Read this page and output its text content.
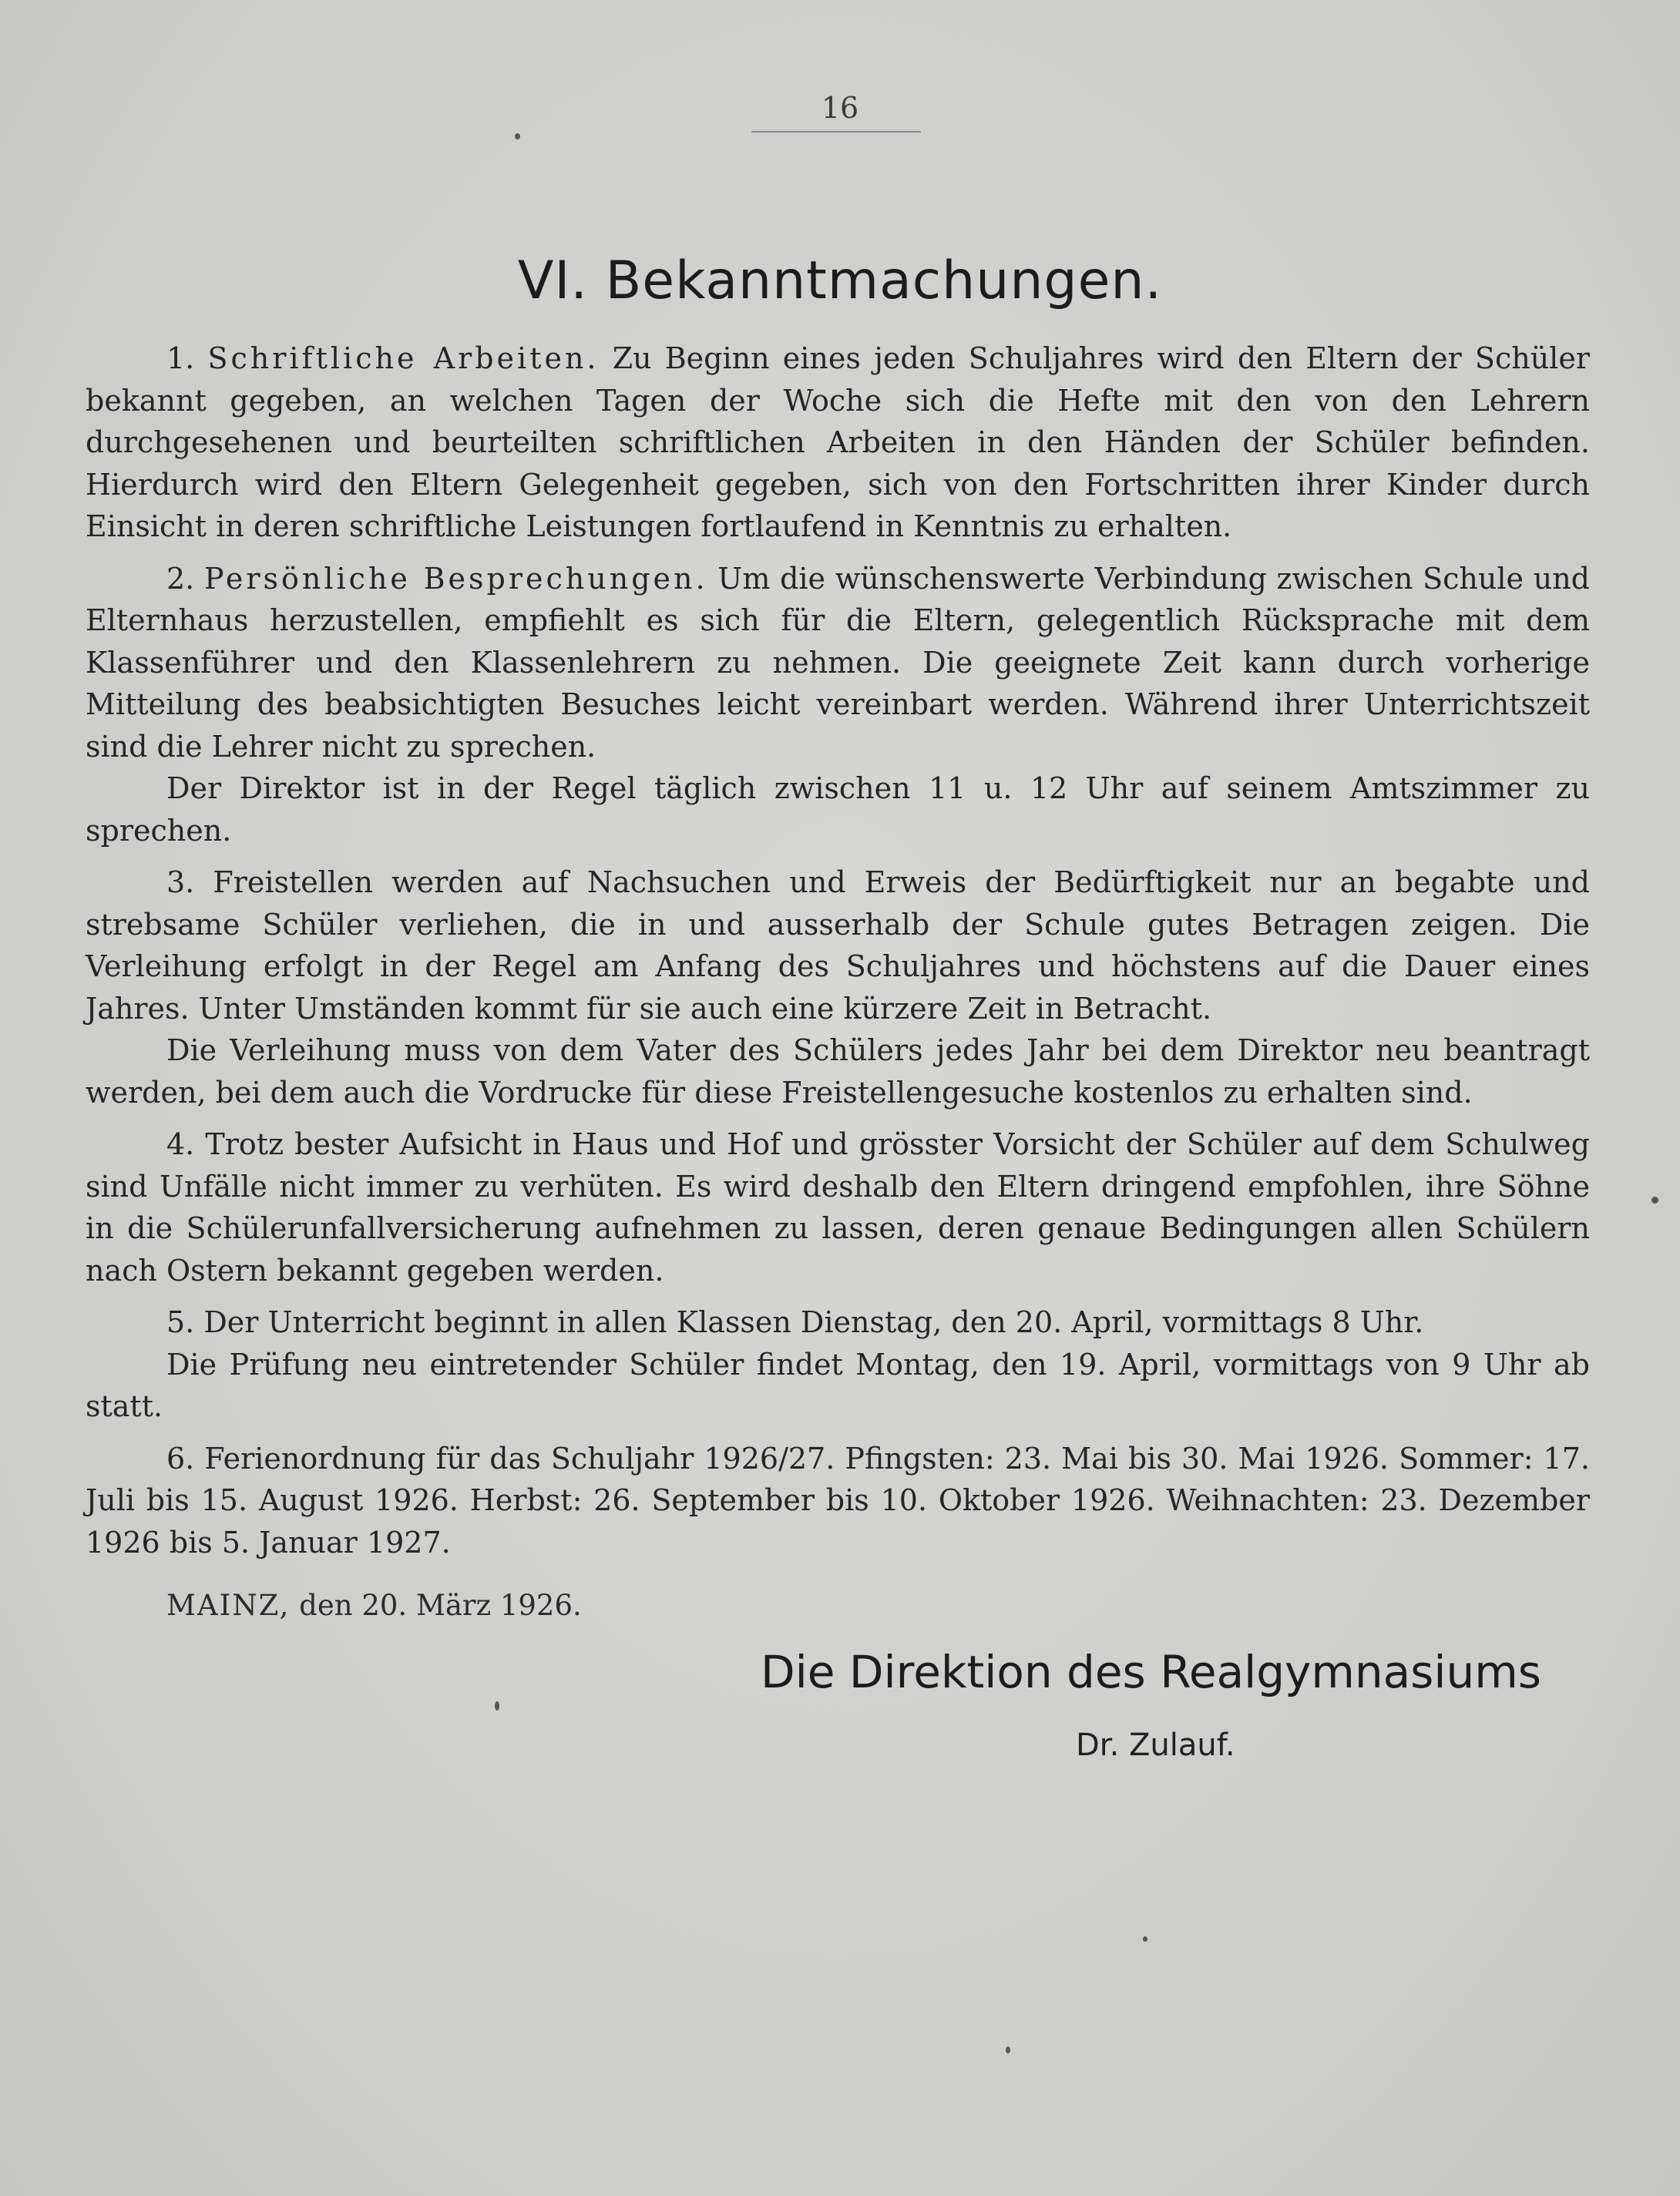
16
VI. Bekanntmachungen.

1. Schriftliche Arbeiten. Zu Beginn eines jeden Schuljahres wird den Eltern der Schüler bekannt gegeben, an welchen Tagen der Woche sich die Hefte mit den von den Lehrern durchgesehenen und beurteilten schriftlichen Arbeiten in den Händen der Schüler befinden. Hierdurch wird den Eltern Gelegenheit gegeben, sich von den Fortschritten ihrer Kinder durch Einsicht in deren schriftliche Leistungen fortlaufend in Kenntnis zu erhalten.

2. Persönliche Besprechungen. Um die wünschenswerte Verbindung zwischen Schule und Elternhaus herzustellen, empfiehlt es sich für die Eltern, gelegentlich Rücksprache mit dem Klassenführer und den Klassenlehrern zu nehmen. Die geeignete Zeit kann durch vorherige Mitteilung des beabsichtigten Besuches leicht vereinbart werden. Während ihrer Unterrichtszeit sind die Lehrer nicht zu sprechen.

Der Direktor ist in der Regel täglich zwischen 11 u. 12 Uhr auf seinem Amtszimmer zu sprechen.

3. Freistellen werden auf Nachsuchen und Erweis der Bedürftigkeit nur an begabte und strebsame Schüler verliehen, die in und ausserhalb der Schule gutes Betragen zeigen. Die Verleihung erfolgt in der Regel am Anfang des Schuljahres und höchstens auf die Dauer eines Jahres. Unter Umständen kommt für sie auch eine kürzere Zeit in Betracht.

Die Verleihung muss von dem Vater des Schülers jedes Jahr bei dem Direktor neu beantragt werden, bei dem auch die Vordrucke für diese Freistellengesuche kostenlos zu erhalten sind.

4. Trotz bester Aufsicht in Haus und Hof und grösster Vorsicht der Schüler auf dem Schulweg sind Unfälle nicht immer zu verhüten. Es wird deshalb den Eltern dringend empfohlen, ihre Söhne in die Schülerunfallversicherung aufnehmen zu lassen, deren genaue Bedingungen allen Schülern nach Ostern bekannt gegeben werden.

5. Der Unterricht beginnt in allen Klassen Dienstag, den 20. April, vormittags 8 Uhr.

Die Prüfung neu eintretender Schüler findet Montag, den 19. April, vormittags von 9 Uhr ab statt.

6. Ferienordnung für das Schuljahr 1926/27. Pfingsten: 23. Mai bis 30. Mai 1926. Sommer: 17. Juli bis 15. August 1926. Herbst: 26. September bis 10. Oktober 1926. Weihnachten: 23. Dezember 1926 bis 5. Januar 1927.

MAINZ, den 20. März 1926.
Die Direktion des Realgymnasiums
Dr. Zulauf.
